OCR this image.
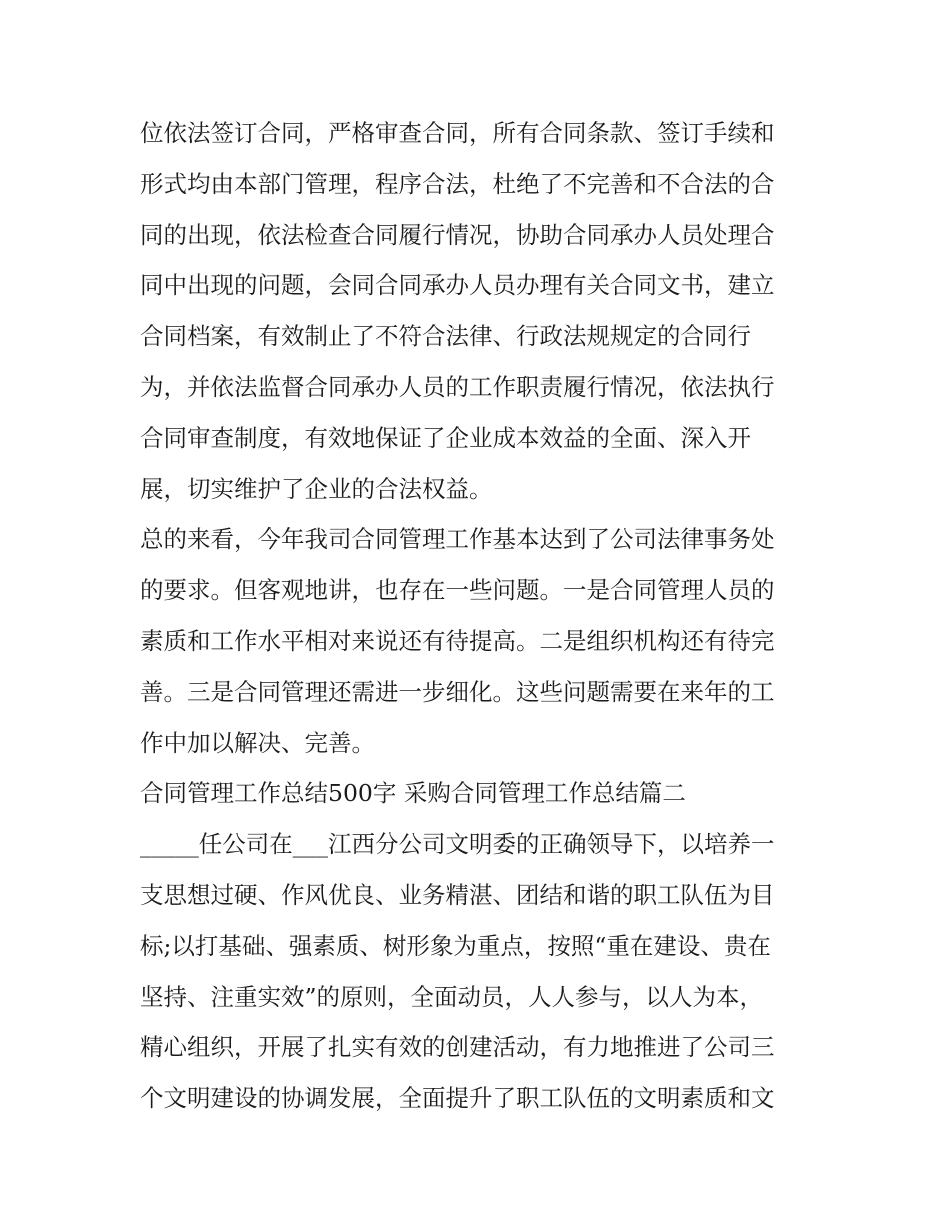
位依法签订合同，严格审查合同，所有合同条款、签订手续和
形式均由本部门管理，程序合法，杜绝了不完善和不合法的合
同的出现，依法检查合同履行情况，协助合同承办人员处理合
同中出现的问题，会同合同承办人员办理有关合同文书，建立
合同档案，有效制止了不符合法律、行政法规规定的合同行
为，并依法监督合同承办人员的工作职责履行情况，依法执行
合同审查制度，有效地保证了企业成本效益的全面、深入开
展，切实维护了企业的合法权益。
总的来看，今年我司合同管理工作基本达到了公司法律事务处
的要求。但客观地讲，也存在一些问题。一是合同管理人员的
素质和工作水平相对来说还有待提高。二是组织机构还有待完
善。三是合同管理还需进一步细化。这些问题需要在来年的工
作中加以解决、完善。
合同管理工作总结500字 采购合同管理工作总结篇二
_____任公司在___江西分公司文明委的正确领导下，以培养一
支思想过硬、作风优良、业务精湛、团结和谐的职工队伍为目
标;以打基础、强素质、树形象为重点，按照“重在建设、贵在
坚持、注重实效”的原则，全面动员，人人参与，以人为本，
精心组织，开展了扎实有效的创建活动，有力地推进了公司三
个文明建设的协调发展，全面提升了职工队伍的文明素质和文
